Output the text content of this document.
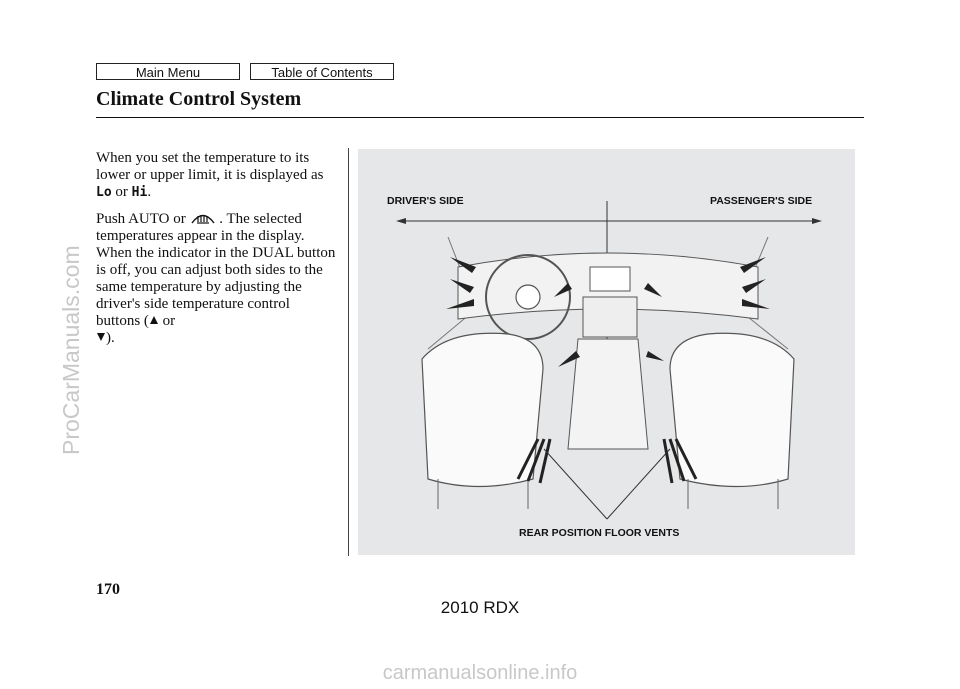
Main Menu	Table of Contents
Climate Control System
ProCarManuals.com

When you set the temperature to its
lower or upper limit, it is displayed as
Lo or Hi.

Push AUTO or . The selected temperatures appear in the display. When the indicator in the DUAL button is off, you can adjust both sides to the same temperature by adjusting the driver's side temperature control buttons ( or
).

DRIVER'S SIDE	PASSENGER'S SIDE
REAR POSITION FLOOR VENTS
170
2010 RDX
carmanualsonline.info
